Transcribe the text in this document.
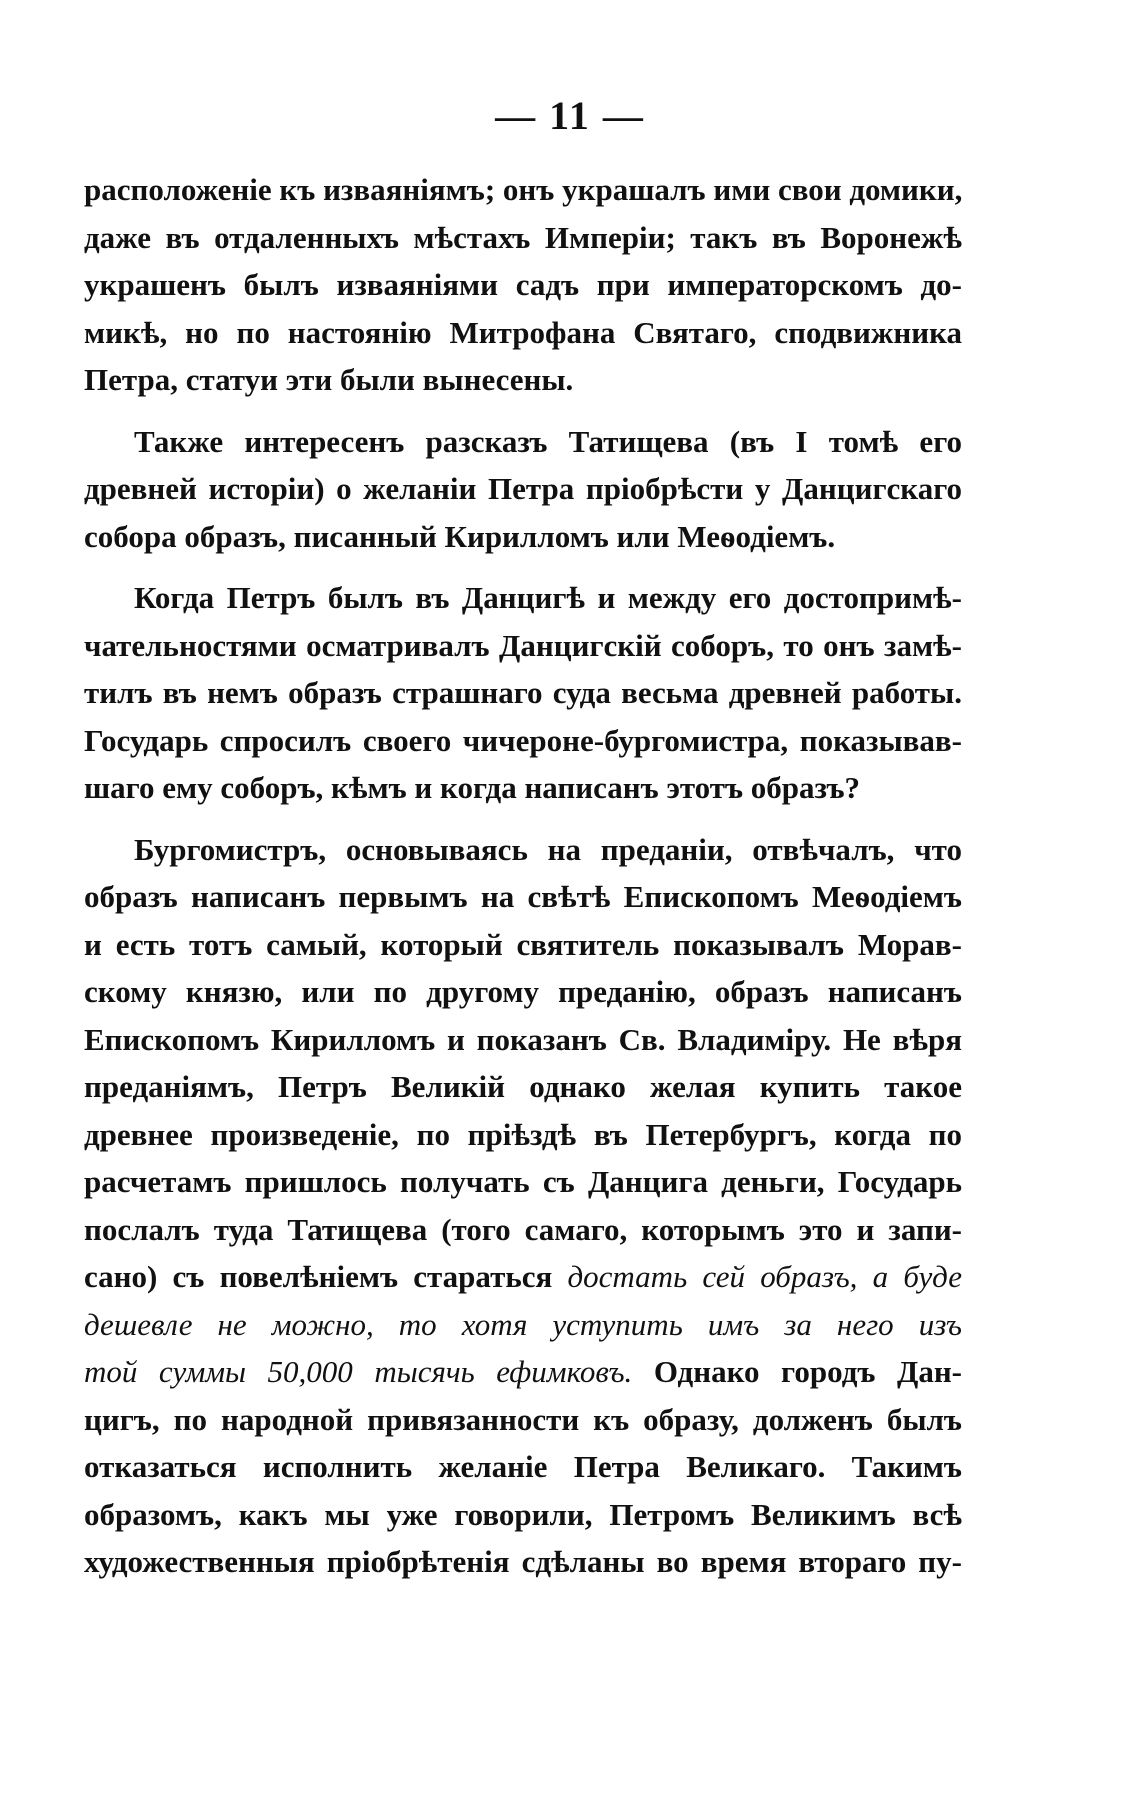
— 11 —
расположеніе къ изваяніямъ; онъ украшалъ ими свои домики,
даже въ отдаленныхъ мѣстахъ Имперіи; такъ въ Воронежѣ
украшенъ былъ изваяніями садъ при императорскомъ до-
микѣ, но по настоянію Митрофана Святаго, сподвижника
Петра, статуи эти были вынесены.
Также интересенъ разсказъ Татищева (въ I томѣ его
древней исторіи) о желаніи Петра пріобрѣсти у Данцигскаго
собора образъ, писанный Кирилломъ или Меѳодіемъ.
Когда Петръ былъ въ Данцигѣ и между его достопримѣ-
чательностями осматривалъ Данцигскій соборъ, то онъ замѣ-
тилъ въ немъ образъ страшнаго суда весьма древней работы.
Государь спросилъ своего чичероне-бургомистра, показывав-
шаго ему соборъ, кѣмъ и когда написанъ этотъ образъ?
Бургомистръ, основываясь на преданіи, отвѣчалъ, что
образъ написанъ первымъ на свѣтѣ Епископомъ Меѳодіемъ
и есть тотъ самый, который святитель показывалъ Морав-
скому князю, или по другому преданію, образъ написанъ
Епископомъ Кирилломъ и показанъ Св. Владиміру. Не вѣря
преданіямъ, Петръ Великій однако желая купить такое
древнее произведеніе, по пріѣздѣ въ Петербургъ, когда по
расчетамъ пришлось получать съ Данцига деньги, Государь
послалъ туда Татищева (того самаго, которымъ это и запи-
сано) съ повелѣніемъ стараться достать сей образъ, а буде
дешевле не можно, то хотя уступить имъ за него изъ
той суммы 50,000 тысячь ефимковъ. Однако городъ Дан-
цигъ, по народной привязанности къ образу, долженъ былъ
отказаться исполнить желаніе Петра Великаго. Такимъ
образомъ, какъ мы уже говорили, Петромъ Великимъ всѣ
художественныя пріобрѣтенія сдѣланы во время втораго пу-
